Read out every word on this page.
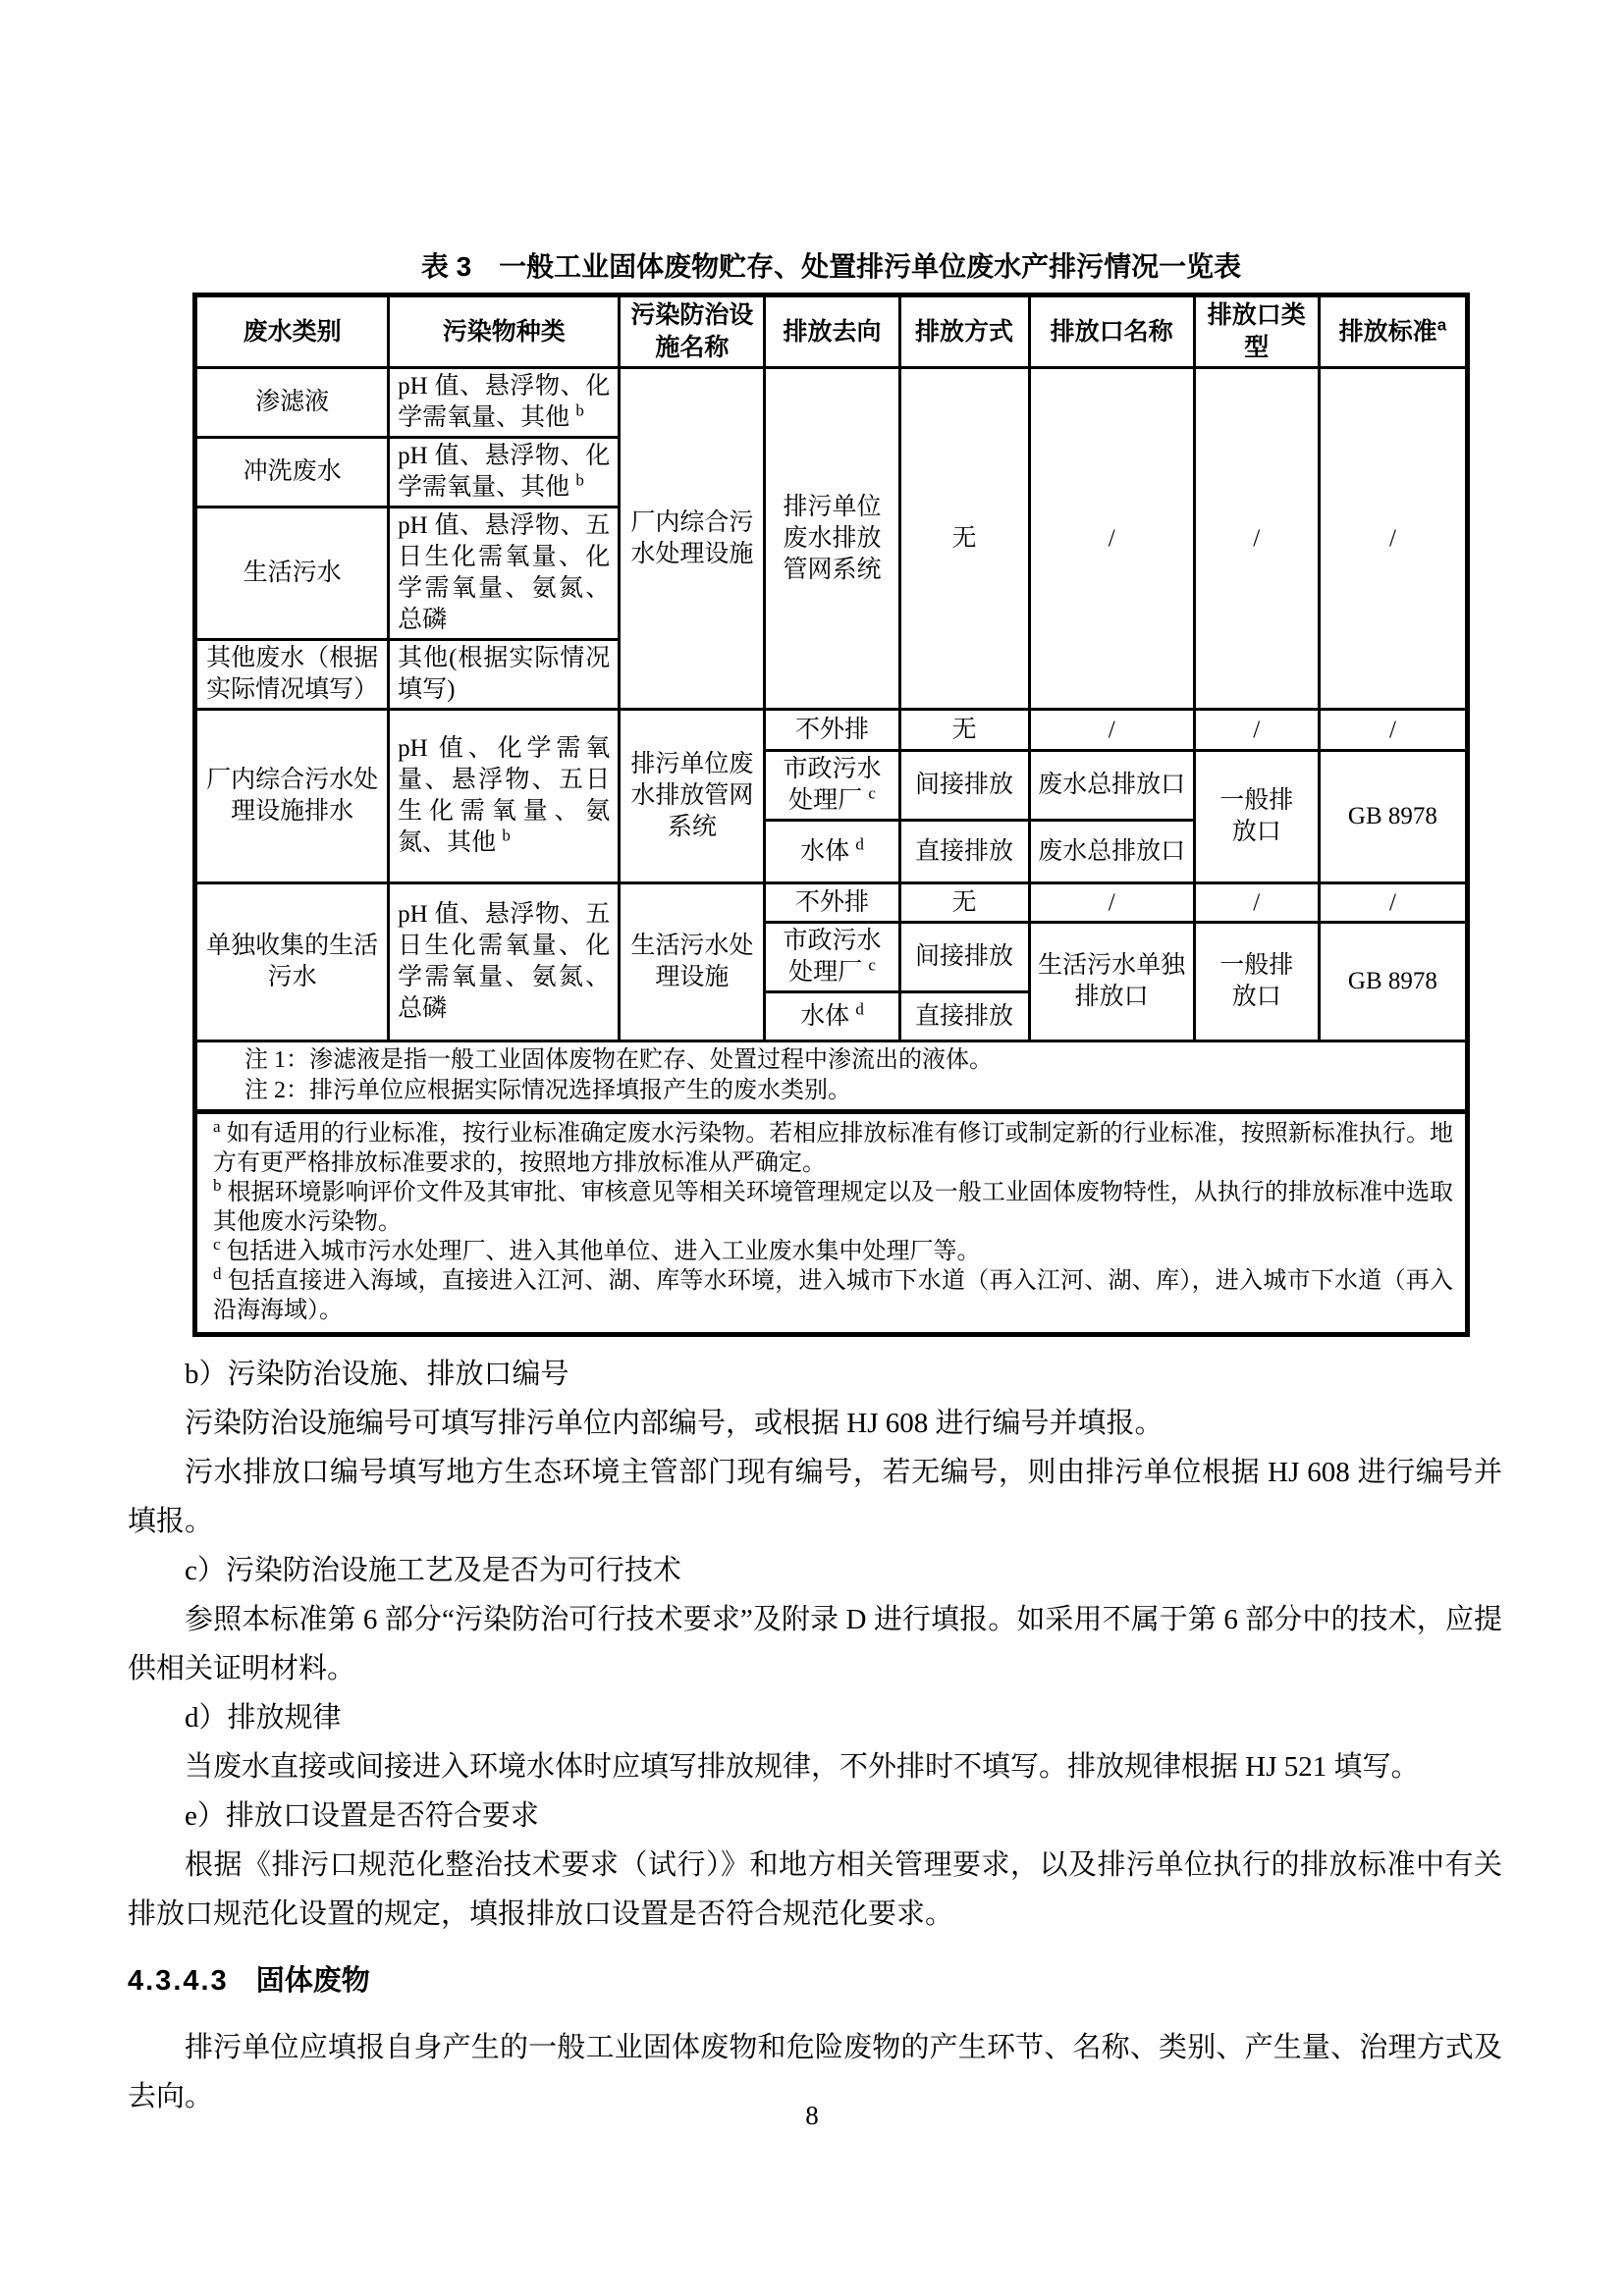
表 3　一般工业固体废物贮存、处置排污单位废水产排污情况一览表
废水类别	污染物种类	污染防治设施名称	排放去向	排放方式	排放口名称	排放口类型	排放标准$^a$
渗滤液	pH 值、悬浮物、化学需氧量、其他 $^b$	厂内综合污水处理设施	排污单位废水排放管网系统	无	/	/	/
冲洗废水	pH 值、悬浮物、化学需氧量、其他 $^b$
生活污水	pH 值、悬浮物、五日生化需氧量、化学需氧量、氨氮、总磷						
其他废水（根据实际情况填写）	其他(根据实际情况填写)						
厂内综合污水处理设施排水	pH 值、化学需氧量、悬浮物、五日生化需氧量、氨氮、其他 $^b$	排污单位废水排放管网系统	不外排	无	/	/	/
			市政污水处理厂 $^c$	间接排放	废水总排放口	一般排放口	GB 8978
			水体 $^d$	直接排放	废水总排放口		
单独收集的生活污水	pH 值、悬浮物、五日生化需氧量、化学需氧量、氨氮、总磷	生活污水处理设施	不外排	无	/	/	/
			市政污水处理厂 $^c$	间接排放	生活污水单独排放口	一般排放口	GB 8978
			水体 $^d$	直接排放			

注 1：渗滤液是指一般工业固体废物在贮存、处置过程中渗流出的液体。
注 2：排污单位应根据实际情况选择填报产生的废水类别。							

$^a$ 如有适用的行业标准，按行业标准确定废水污染物。若相应排放标准有修订或制定新的行业标准，按照新标准执行。地方有更严格排放标准要求的，按照地方排放标准从严确定。
$^b$ 根据环境影响评价文件及其审批、审核意见等相关环境管理规定以及一般工业固体废物特性，从执行的排放标准中选取其他废水污染物。
$^c$ 包括进入城市污水处理厂、进入其他单位、进入工业废水集中处理厂等。
$^d$ 包括直接进入海域，直接进入江河、湖、库等水环境，进入城市下水道（再入江河、湖、库），进入城市下水道（再入沿海海域）。							

b）污染防治设施、排放口编号

污染防治设施编号可填写排污单位内部编号，或根据 HJ 608 进行编号并填报。

污水排放口编号填写地方生态环境主管部门现有编号，若无编号，则由排污单位根据 HJ 608 进行编号并填报。

c）污染防治设施工艺及是否为可行技术

参照本标准第 6 部分“污染防治可行技术要求”及附录 D 进行填报。如采用不属于第 6 部分中的技术，应提供相关证明材料。

d）排放规律

当废水直接或间接进入环境水体时应填写排放规律，不外排时不填写。排放规律根据 HJ 521 填写。

e）排放口设置是否符合要求

根据《排污口规范化整治技术要求（试行）》和地方相关管理要求，以及排污单位执行的排放标准中有关排放口规范化设置的规定，填报排放口设置是否符合规范化要求。

4.3.4.3 固体废物

排污单位应填报自身产生的一般工业固体废物和危险废物的产生环节、名称、类别、产生量、治理方式及去向。

8
